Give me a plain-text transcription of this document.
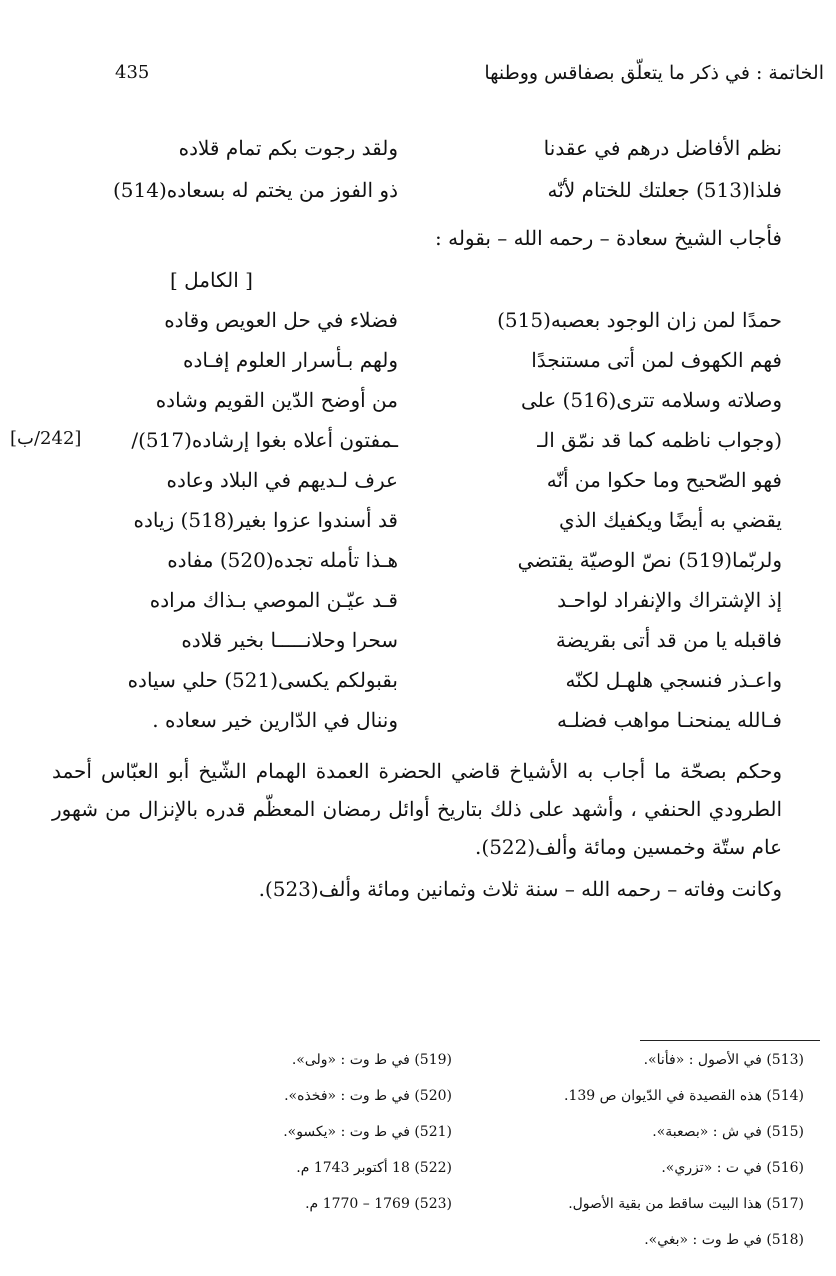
435	الخاتمة : في ذكر ما يتعلّق بصفاقس ووطنها
نظم الأفاضل درهم في عقدنا
ولقد رجوت بكم تمام قلاده
فلذا(513) جعلتك للختام لأنّه
ذو الفوز من يختم له بسعاده(514)
فأجاب الشيخ سعادة – رحمه الله – بقوله :
[ الكامل ]
[242/ب]
حمدًا لمن زان الوجود بعصبه(515)
فضلاء في حل العويص وقاده
فهم الكهوف لمن أتى مستنجدًا
ولهم بـأسرار العلوم إفـاده
وصلاته وسلامه تترى(516) على
من أوضح الدّين القويم وشاده
(وجواب ناظمه كما قد نمّق الـ
ـمفتون أعلاه بغوا إرشاده(517)/
فهو الصّحيح وما حكوا من أنّه
عرف لـديهم في البلاد وعاده
يقضي به أيضًا ويكفيك الذي
قد أسندوا عزوا بغير(518) زياده
ولربّما(519) نصّ الوصيّة يقتضي
هـذا تأمله تجده(520) مفاده
إذ الإشتراك والإنفراد لواحـد
قـد عيّـن الموصي بـذاك مراده
فاقبله يا من قد أتى بقريضة
سحرا وحلانـــــا بخير قلاده
واعـذر فنسجي هلهـل لكنّه
بقبولكم يكسى(521) حلي سياده
فـالله يمنحنـا مواهب فضلـه
وننال في الدّارين خير سعاده .
وحكم بصحّة ما أجاب به الأشياخ قاضي الحضرة العمدة الهمام الشّيخ أبو العبّاس أحمد الطرودي الحنفي ، وأشهد على ذلك بتاريخ أوائل رمضان المعظّم قدره بالإنزال من شهور عام ستّة وخمسين ومائة وألف(522).
وكانت وفاته – رحمه الله – سنة ثلاث وثمانين ومائة وألف(523).
(513) في الأصول : «فأنا».
(514) هذه القصيدة في الدّيوان ص 139.
(515) في ش : «بصعبة».
(516) في ت : «تزري».
(517) هذا البيت ساقط من بقية الأصول.
(518) في ط وت : «بغي».
(519) في ط وت : «ولى».
(520) في ط وت : «فخذه».
(521) في ط وت : «يكسو».
(522) 18 أكتوبر 1743 م.
(523) 1769 – 1770 م.
